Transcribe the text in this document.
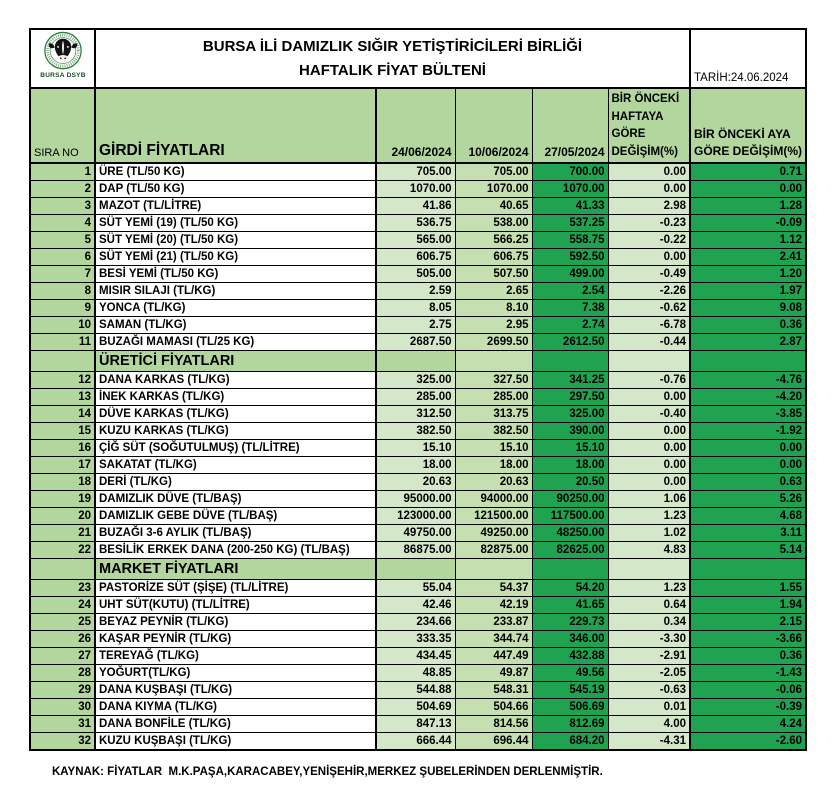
BURSA DSYB	BURSA İLİ DAMIZLIK SIĞIR YETİŞTİRİCİLERİ BİRLİĞİ
HAFTALIK FİYAT BÜLTENİ					TARİH:24.06.2024
SIRA NO	GİRDİ FİYATLARI	24/06/2024	10/06/2024	27/05/2024	BİR ÖNCEKİ HAFTAYA GÖRE DEĞİŞİM(%)	BİR ÖNCEKİ AYA GÖRE DEĞİŞİM(%)
1	ÜRE (TL/50 KG)	705.00	705.00	700.00	0.00	0.71
2	DAP (TL/50 KG)	1070.00	1070.00	1070.00	0.00	0.00
3	MAZOT (TL/LİTRE)	41.86	40.65	41.33	2.98	1.28
4	SÜT YEMİ (19) (TL/50 KG)	536.75	538.00	537.25	-0.23	-0.09
5	SÜT YEMİ (20) (TL/50 KG)	565.00	566.25	558.75	-0.22	1.12
6	SÜT YEMİ (21) (TL/50 KG)	606.75	606.75	592.50	0.00	2.41
7	BESİ YEMİ (TL/50 KG)	505.00	507.50	499.00	-0.49	1.20
8	MISIR SILAJI (TL/KG)	2.59	2.65	2.54	-2.26	1.97
9	YONCA (TL/KG)	8.05	8.10	7.38	-0.62	9.08
10	SAMAN (TL/KG)	2.75	2.95	2.74	-6.78	0.36
11	BUZAĞI MAMASI (TL/25 KG)	2687.50	2699.50	2612.50	-0.44	2.87
	ÜRETİCİ FİYATLARI					
12	DANA KARKAS (TL/KG)	325.00	327.50	341.25	-0.76	-4.76
13	İNEK KARKAS (TL/KG)	285.00	285.00	297.50	0.00	-4.20
14	DÜVE KARKAS (TL/KG)	312.50	313.75	325.00	-0.40	-3.85
15	KUZU KARKAS (TL/KG)	382.50	382.50	390.00	0.00	-1.92
16	ÇİĞ SÜT (SOĞUTULMUŞ) (TL/LİTRE)	15.10	15.10	15.10	0.00	0.00
17	SAKATAT (TL/KG)	18.00	18.00	18.00	0.00	0.00
18	DERİ (TL/KG)	20.63	20.63	20.50	0.00	0.63
19	DAMIZLIK DÜVE (TL/BAŞ)	95000.00	94000.00	90250.00	1.06	5.26
20	DAMIZLIK GEBE DÜVE (TL/BAŞ)	123000.00	121500.00	117500.00	1.23	4.68
21	BUZAĞI 3-6 AYLIK (TL/BAŞ)	49750.00	49250.00	48250.00	1.02	3.11
22	BESİLİK ERKEK DANA (200-250 KG) (TL/BAŞ)	86875.00	82875.00	82625.00	4.83	5.14
	MARKET FİYATLARI					
23	PASTORİZE SÜT (ŞİŞE) (TL/LİTRE)	55.04	54.37	54.20	1.23	1.55
24	UHT SÜT(KUTU) (TL/LİTRE)	42.46	42.19	41.65	0.64	1.94
25	BEYAZ PEYNİR (TL/KG)	234.66	233.87	229.73	0.34	2.15
26	KAŞAR PEYNİR (TL/KG)	333.35	344.74	346.00	-3.30	-3.66
27	TEREYAĞ (TL/KG)	434.45	447.49	432.88	-2.91	0.36
28	YOĞURT(TL/KG)	48.85	49.87	49.56	-2.05	-1.43
29	DANA KUŞBAŞI (TL/KG)	544.88	548.31	545.19	-0.63	-0.06
30	DANA KIYMA (TL/KG)	504.69	504.66	506.69	0.01	-0.39
31	DANA BONFİLE (TL/KG)	847.13	814.56	812.69	4.00	4.24
32	KUZU KUŞBAŞI (TL/KG)	666.44	696.44	684.20	-4.31	-2.60
KAYNAK: FİYATLAR  M.K.PAŞA,KARACABEY,YENİŞEHİR,MERKEZ ŞUBELERİNDEN DERLENMİŞTİR.
